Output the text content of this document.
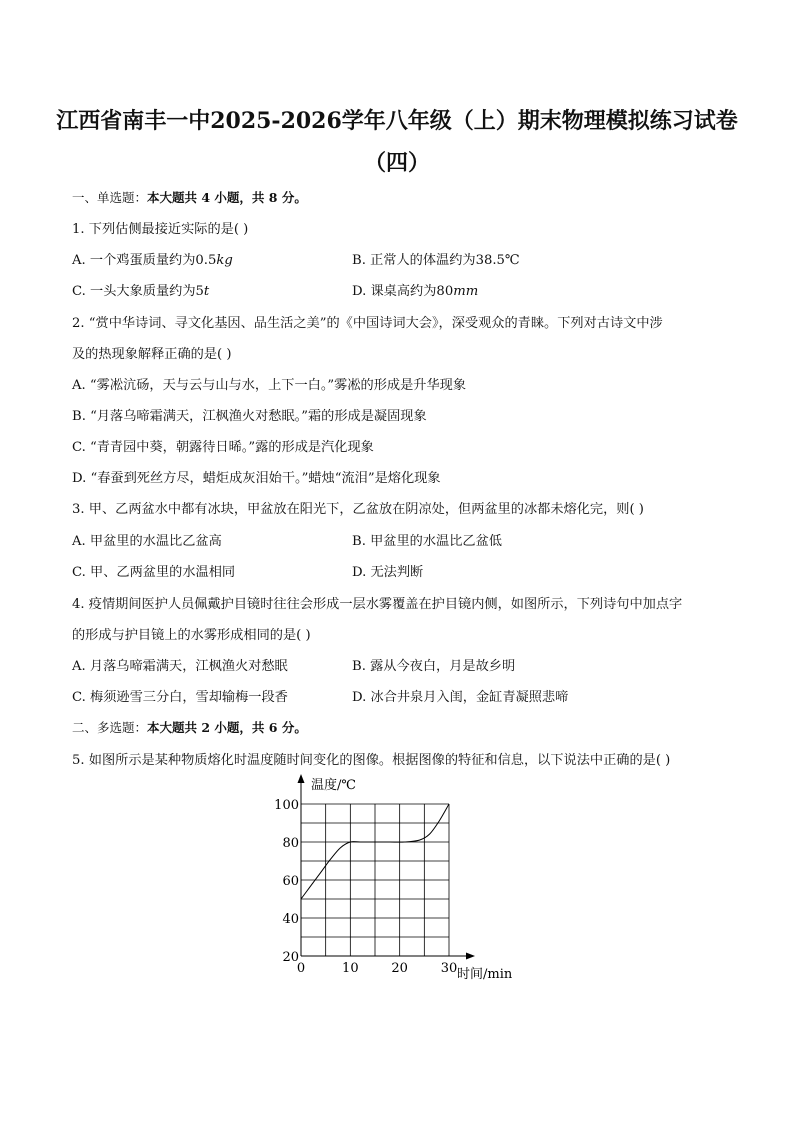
江西省南丰一中2025-2026学年八年级（上）期末物理模拟练习试卷
（四）
一、单选题：本大题共 4 小题，共 8 分。
1. 下列估侧最接近实际的是( )
A. 一个鸡蛋质量约为0.5kg	B. 正常人的体温约为38.5℃
C. 一头大象质量约为5t	D. 课桌高约为80mm
2. “赏中华诗词、寻文化基因、品生活之美”的《中国诗词大会》，深受观众的青睐。下列对古诗文中涉
及的热现象解释正确的是( )
A. “雾凇沆砀，天与云与山与水，上下一白。”雾凇的形成是升华现象
B. “月落乌啼霜满天，江枫渔火对愁眠。”霜的形成是凝固现象
C. “青青园中葵，朝露待日晞。”露的形成是汽化现象
D. “春蚕到死丝方尽，蜡炬成灰泪始干。”蜡烛“流泪”是熔化现象
3. 甲、乙两盆水中都有冰块，甲盆放在阳光下，乙盆放在阴凉处，但两盆里的冰都未熔化完，则( )
A. 甲盆里的水温比乙盆高	B. 甲盆里的水温比乙盆低
C. 甲、乙两盆里的水温相同	D. 无法判断
4. 疫情期间医护人员佩戴护目镜时往往会形成一层水雾覆盖在护目镜内侧，如图所示，下列诗句中加点字
的形成与护目镜上的水雾形成相同的是( )
A. 月落乌啼霜满天，江枫渔火对愁眠	B. 露从今夜白，月是故乡明
C. 梅须逊雪三分白，雪却输梅一段香	D. 冰合井泉月入闺，金缸青凝照悲啼
二、多选题：本大题共 2 小题，共 6 分。
5. 如图所示是某种物质熔化时温度随时间变化的图像。根据图像的特征和信息，以下说法中正确的是( )
20
40
60
80
100
0	10	20	30
温度/℃
时间/min
